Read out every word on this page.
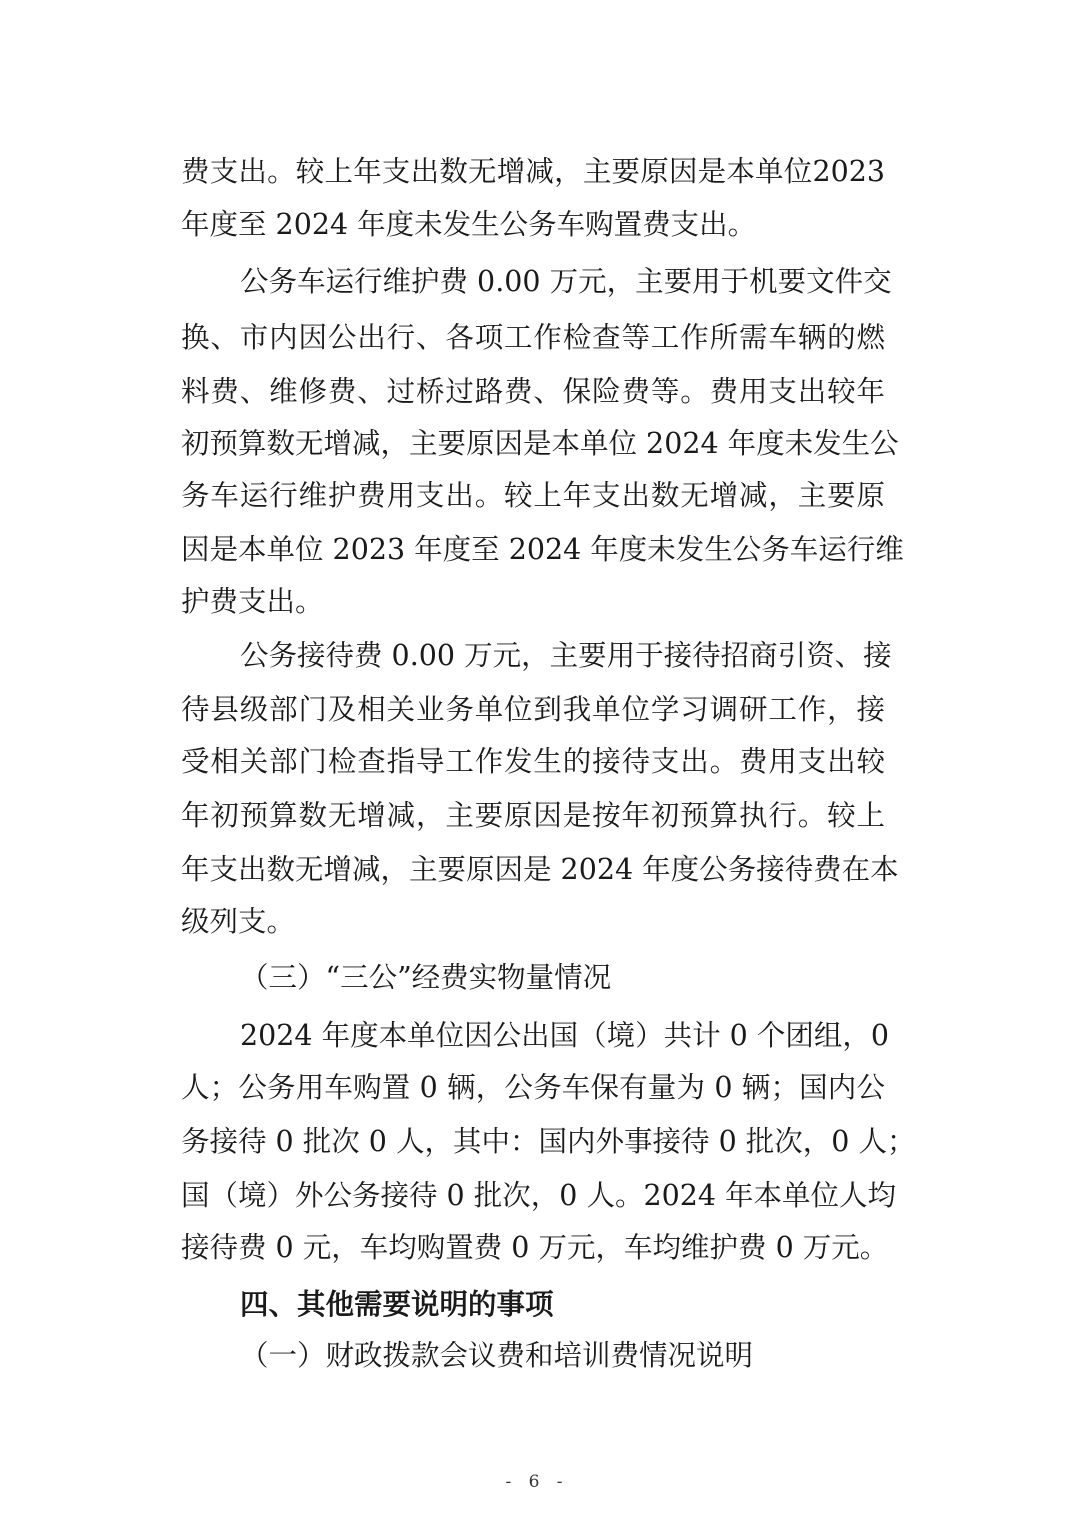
费支出。较上年支出数无增减，主要原因是本单位2023
年度至 2024 年度未发生公务车购置费支出。
公务车运行维护费 0.00 万元，主要用于机要文件交
换、市内因公出行、各项工作检查等工作所需车辆的燃
料费、维修费、过桥过路费、保险费等。费用支出较年
初预算数无增减，主要原因是本单位 2024 年度未发生公
务车运行维护费用支出。较上年支出数无增减，主要原
因是本单位 2023 年度至 2024 年度未发生公务车运行维
护费支出。
公务接待费 0.00 万元，主要用于接待招商引资、接
待县级部门及相关业务单位到我单位学习调研工作，接
受相关部门检查指导工作发生的接待支出。费用支出较
年初预算数无增减，主要原因是按年初预算执行。较上
年支出数无增减，主要原因是 2024 年度公务接待费在本
级列支。
（三）“三公”经费实物量情况
2024 年度本单位因公出国（境）共计 0 个团组，0
人；公务用车购置 0 辆，公务车保有量为 0 辆；国内公
务接待 0 批次 0 人，其中：国内外事接待 0 批次，0 人；
国（境）外公务接待 0 批次，0 人。2024 年本单位人均
接待费 0 元，车均购置费 0 万元，车均维护费 0 万元。
四、其他需要说明的事项
（一）财政拨款会议费和培训费情况说明
- 6 -
